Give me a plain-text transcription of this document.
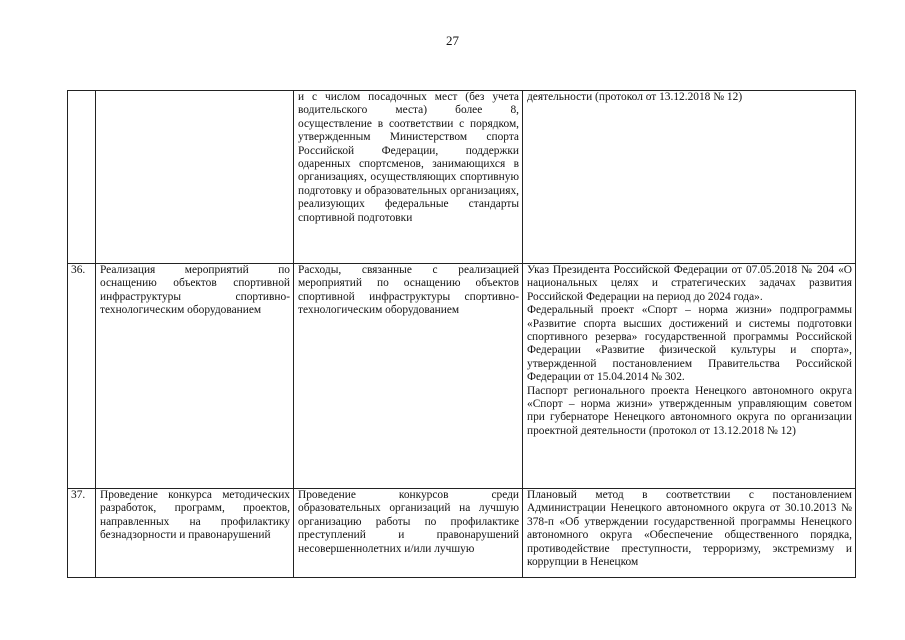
27
		и с числом посадочных мест (без учета водительского места) более 8, осуществление в соответствии с порядком, утвержденным Министерством спорта Российской Федерации, поддержки одаренных спортсменов, занимающихся в организациях, осуществляющих спортивную подготовку и образовательных организациях, реализующих федеральные стандарты спортивной подготовки	деятельности (протокол от 13.12.2018 № 12)

36.	Реализация мероприятий по оснащению объектов спортивной инфраструктуры спортивно-технологическим оборудованием	Расходы, связанные с реализацией мероприятий по оснащению объектов спортивной инфраструктуры спортивно-технологическим оборудованием	Указ Президента Российской Федерации от 07.05.2018 № 204 «О национальных целях и стратегических задачах развития Российской Федерации на период до 2024 года».

Федеральный проект «Спорт – норма жизни» подпрограммы «Развитие спорта высших достижений и системы подготовки спортивного резерва» государственной программы Российской Федерации «Развитие физической культуры и спорта», утвержденной постановлением Правительства Российской Федерации от 15.04.2014 № 302.

Паспорт регионального проекта Ненецкого автономного округа «Спорт – норма жизни» утвержденным управляющим советом при губернаторе Ненецкого автономного округа по организации проектной деятельности (протокол от 13.12.2018 № 12)

37.	Проведение конкурса методических разработок, программ, проектов, направленных на профилактику безнадзорности и правонарушений	Проведение конкурсов среди образовательных организаций на лучшую организацию работы по профилактике преступлений и правонарушений несовершеннолетних и/или лучшую	Плановый метод в соответствии с постановлением Администрации Ненецкого автономного округа от 30.10.2013 № 378-п «Об утверждении государственной программы Ненецкого автономного округа «Обеспечение общественного порядка, противодействие преступности, терроризму, экстремизму и коррупции в Ненецком
